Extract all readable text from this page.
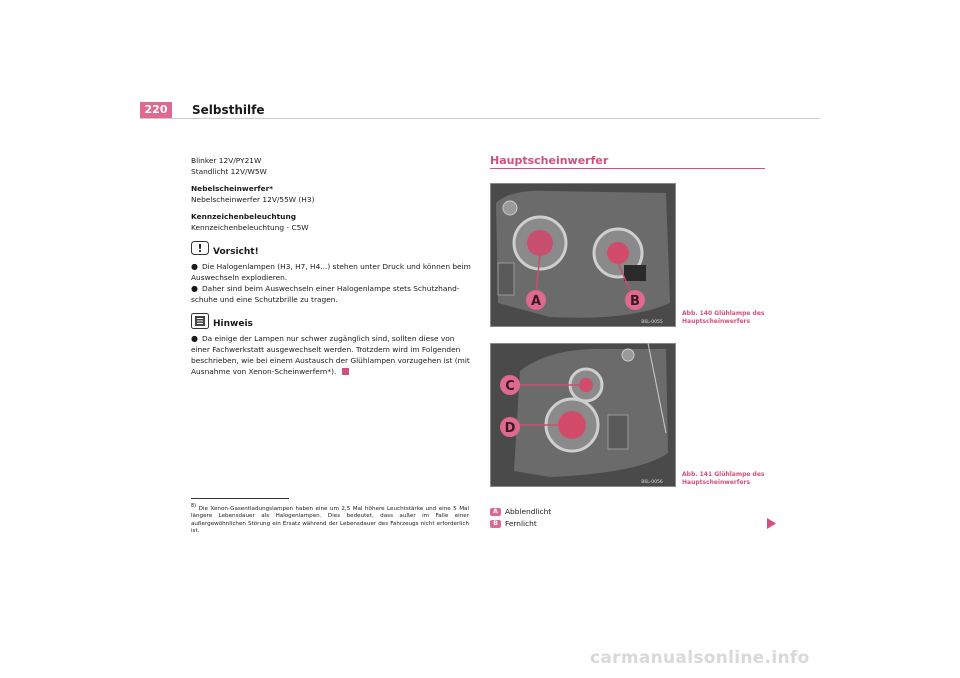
220	Selbsthilfe

Blinker 12V/PY21W

Standlicht 12V/W5W

Nebelscheinwerfer*

Nebelscheinwerfer 12V/55W (H3)

Kennzeichenbeleuchtung

Kennzeichenbeleuchtung - C5W

! Vorsicht!

● Die Halogenlampen (H3, H7, H4...) stehen unter Druck und können beim Auswechseln explodieren.

● Daher sind beim Auswechseln einer Halogenlampe stets Schutzhand-schuhe und eine Schutzbrille zu tragen.

Hinweis

● Da einige der Lampen nur schwer zugänglich sind, sollten diese von einer Fachwerkstatt ausgewechselt werden. Trotzdem wird im Folgenden beschrieben, wie bei einem Austausch der Glühlampen vorzugehen ist (mit Ausnahme von Xenon-Scheinwerfern*).

$^{8)}$ Die Xenon-Gasentladungslampen haben eine um 2,5 Mal höhere Leuchtstärke und eine 5 Mal längere Lebensdauer als Halogenlampen. Dies bedeutet, dass außer im Falle einer außergewöhnlichen Störung ein Ersatz während der Lebensdauer des Fahrzeugs nicht erforderlich ist.
Hauptscheinwerfer
A	B
B6L-0055
C
D
B6L-0056
Abb. 140 Glühlampe des Hauptscheinwerfers
Abb. 141 Glühlampe des Hauptscheinwerfers
A Abblendlicht
B Fernlicht
carmanualsonline.info
